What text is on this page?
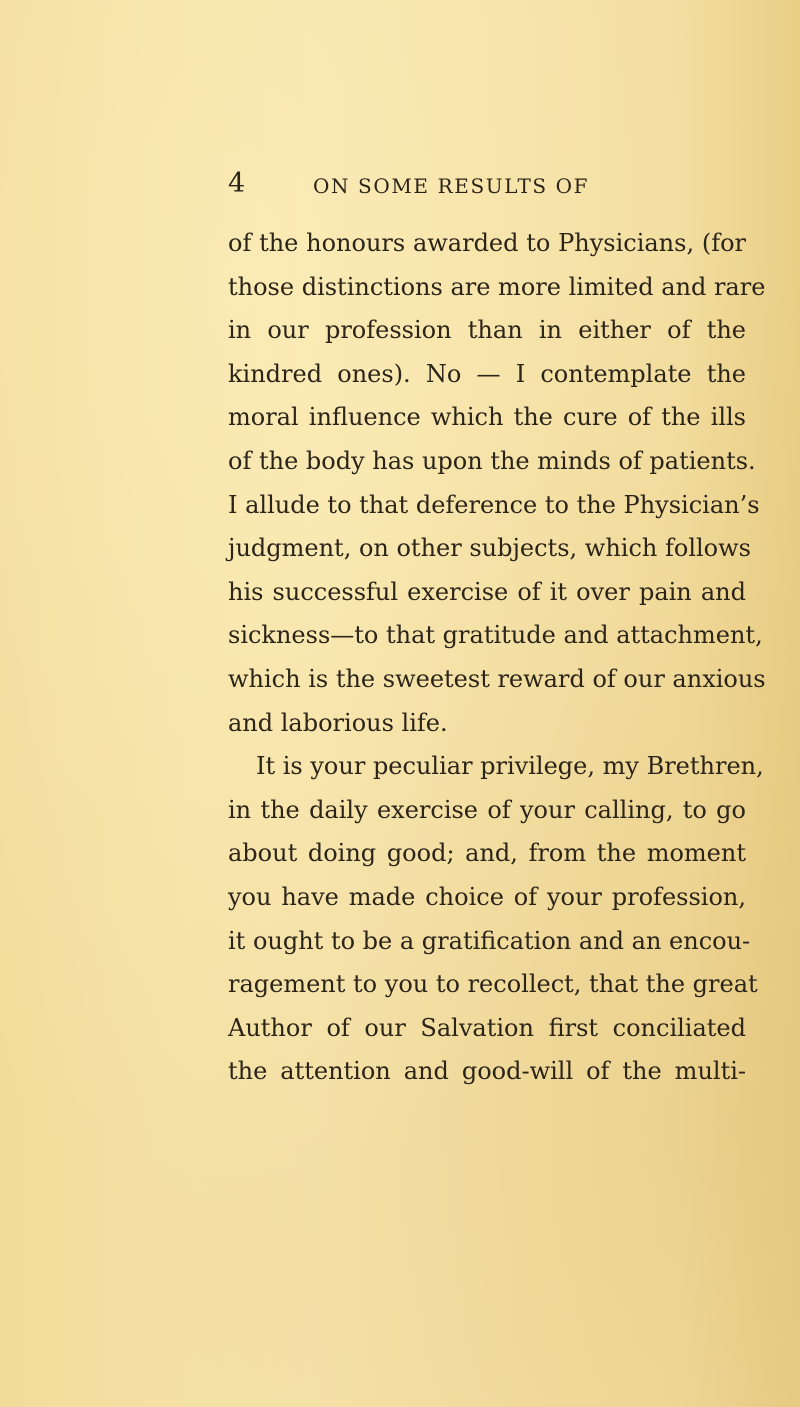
4	ON SOME RESULTS OF
of the honours awarded to Physicians, (for
those distinctions are more limited and rare
in our profession than in either of the
kindred ones). No — I contemplate the
moral influence which the cure of the ills
of the body has upon the minds of patients.
I allude to that deference to the Physician’s
judgment, on other subjects, which follows
his successful exercise of it over pain and
sickness—to that gratitude and attachment,
which is the sweetest reward of our anxious
and laborious life.
It is your peculiar privilege, my Brethren,
in the daily exercise of your calling, to go
about doing good; and, from the moment
you have made choice of your profession,
it ought to be a gratification and an encou-
ragement to you to recollect, that the great
Author of our Salvation first conciliated
the attention and good-will of the multi-
